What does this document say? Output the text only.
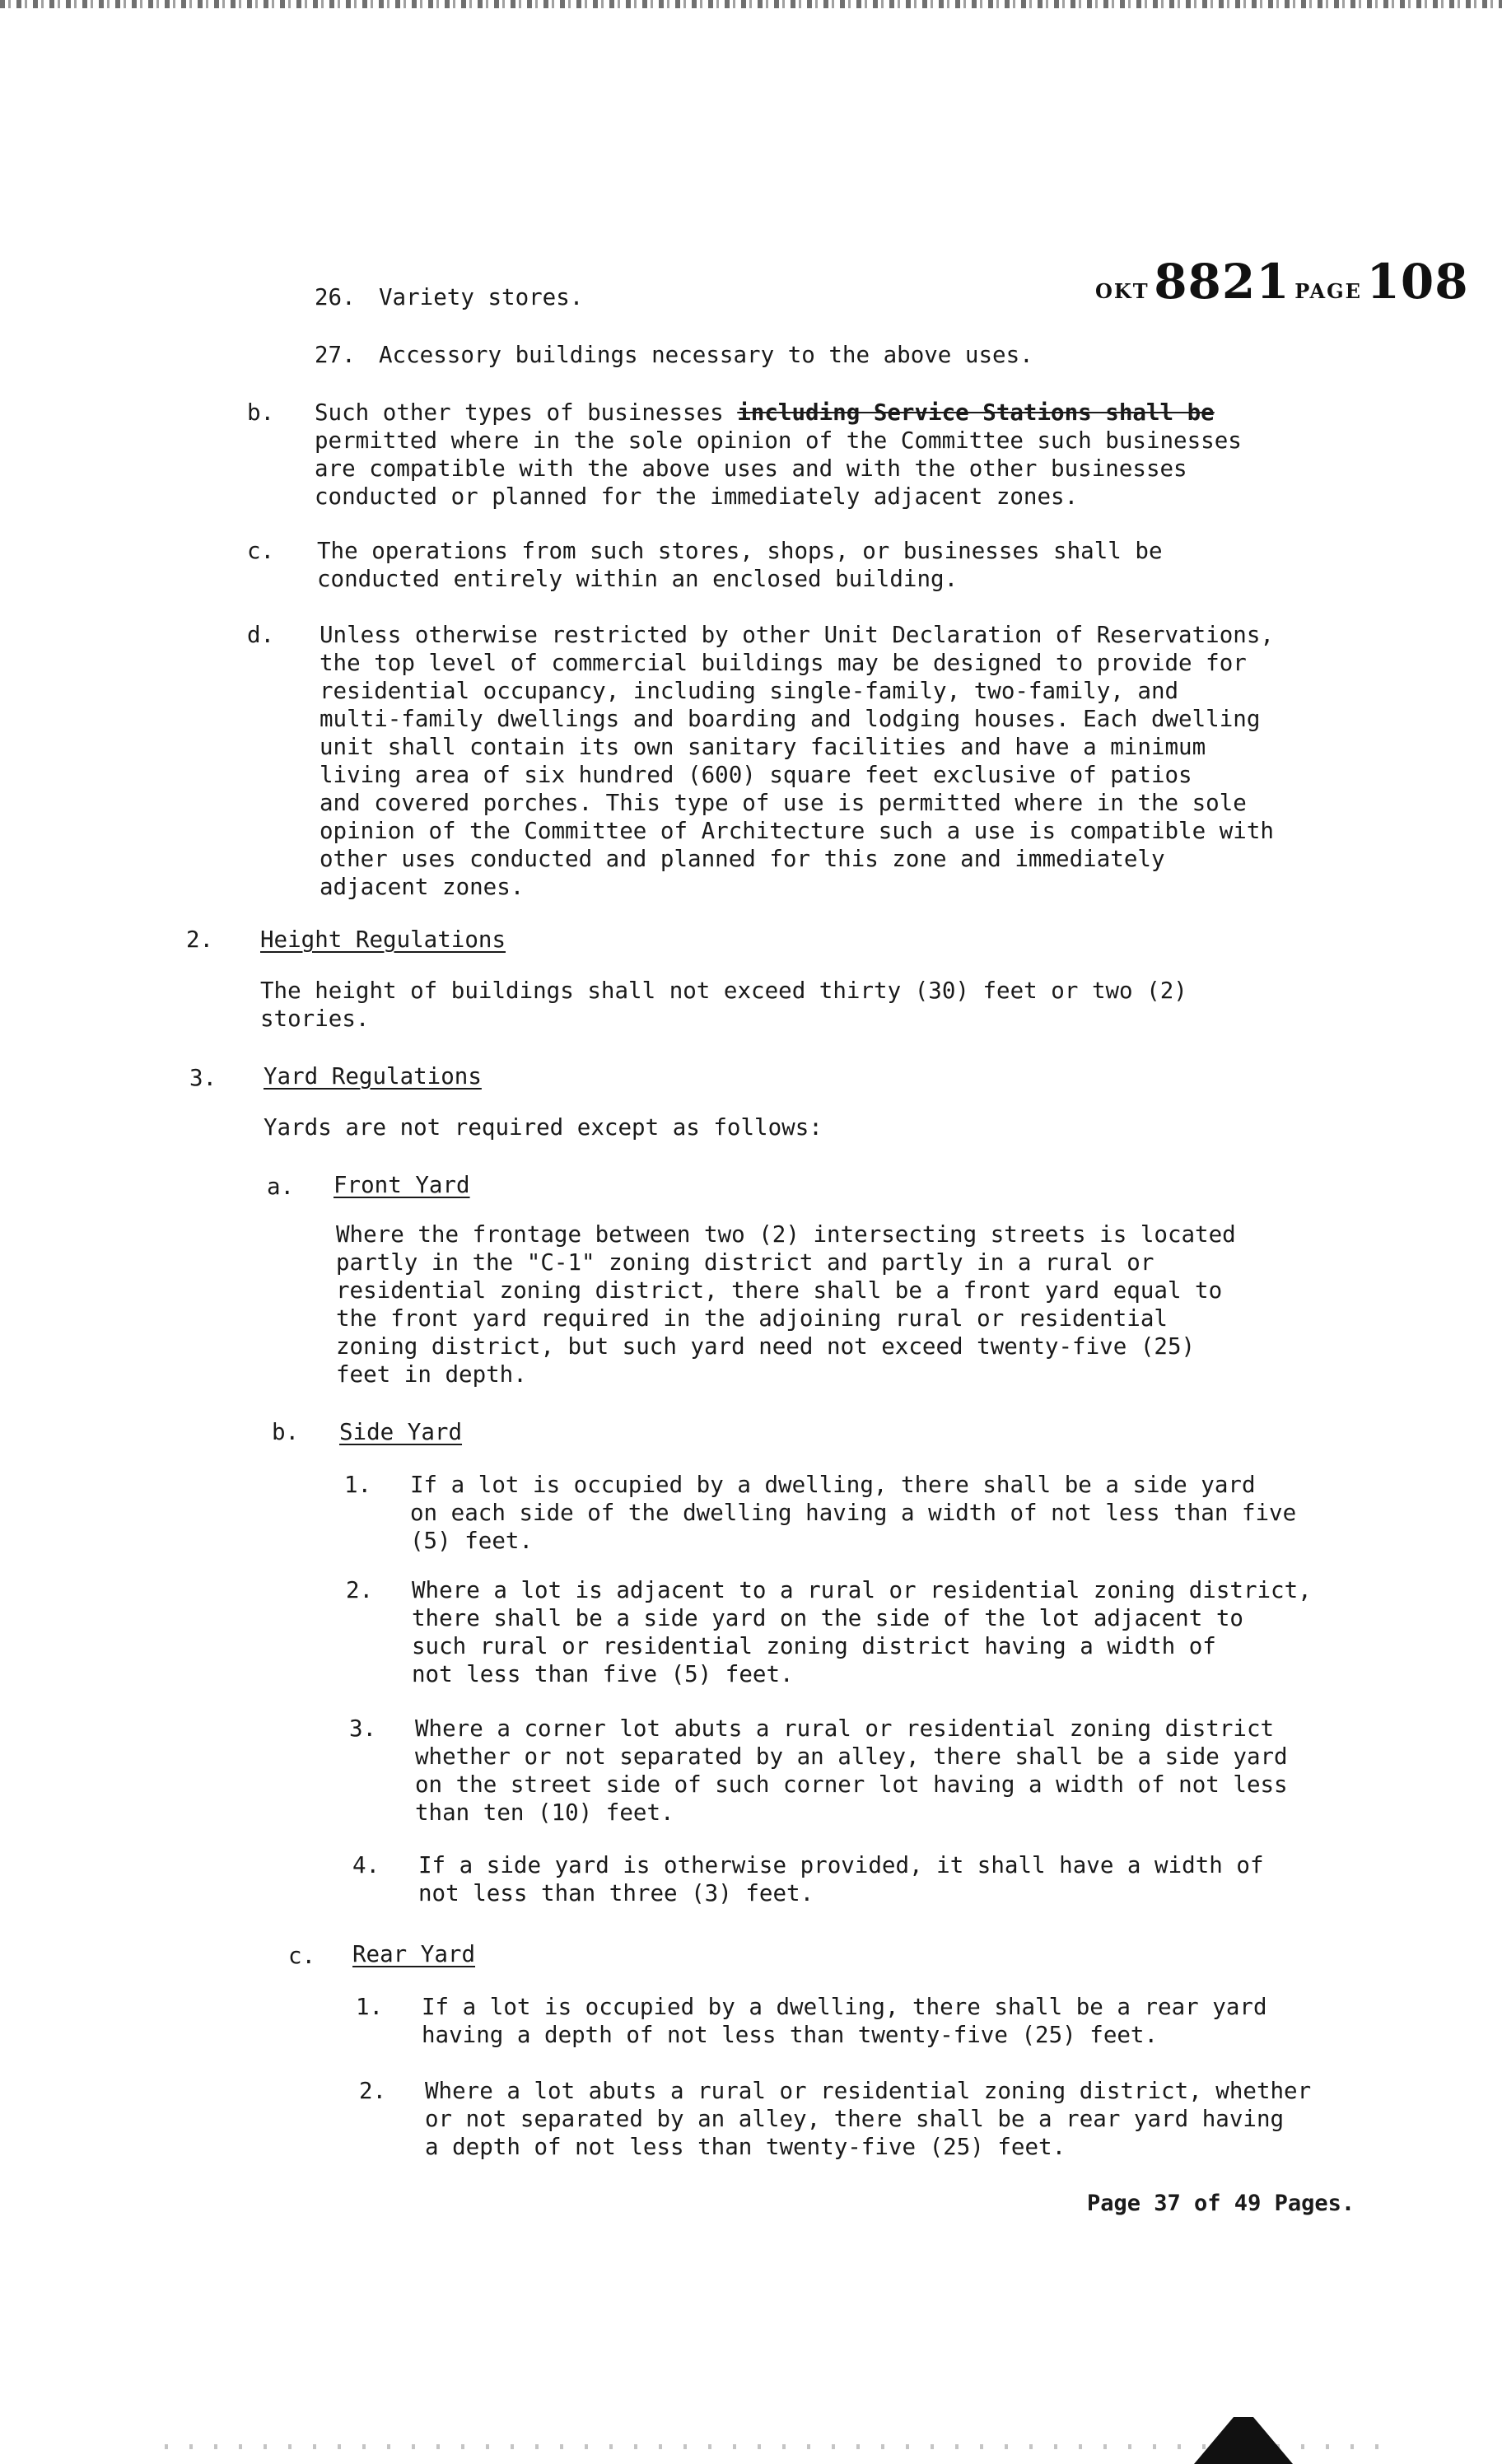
OKT 8821 PAGE 108
26. Variety stores.
27. Accessory buildings necessary to the above uses.
b. Such other types of businesses including Service Stations shall be
permitted where in the sole opinion of the Committee such businesses
are compatible with the above uses and with the other businesses
conducted or planned for the immediately adjacent zones.
c. The operations from such stores, shops, or businesses shall be
conducted entirely within an enclosed building.
d. Unless otherwise restricted by other Unit Declaration of Reservations,
the top level of commercial buildings may be designed to provide for
residential occupancy, including single-family, two-family, and
multi-family dwellings and boarding and lodging houses. Each dwelling
unit shall contain its own sanitary facilities and have a minimum
living area of six hundred (600) square feet exclusive of patios
and covered porches. This type of use is permitted where in the sole
opinion of the Committee of Architecture such a use is compatible with
other uses conducted and planned for this zone and immediately
adjacent zones.
2. Height Regulations
The height of buildings shall not exceed thirty (30) feet or two (2)
stories.
3. Yard Regulations
Yards are not required except as follows:
a. Front Yard
Where the frontage between two (2) intersecting streets is located
partly in the "C-1" zoning district and partly in a rural or
residential zoning district, there shall be a front yard equal to
the front yard required in the adjoining rural or residential
zoning district, but such yard need not exceed twenty-five (25)
feet in depth.
b. Side Yard
1. If a lot is occupied by a dwelling, there shall be a side yard
on each side of the dwelling having a width of not less than five
(5) feet.
2. Where a lot is adjacent to a rural or residential zoning district,
there shall be a side yard on the side of the lot adjacent to
such rural or residential zoning district having a width of
not less than five (5) feet.
3. Where a corner lot abuts a rural or residential zoning district
whether or not separated by an alley, there shall be a side yard
on the street side of such corner lot having a width of not less
than ten (10) feet.
4. If a side yard is otherwise provided, it shall have a width of
not less than three (3) feet.
c. Rear Yard
1. If a lot is occupied by a dwelling, there shall be a rear yard
having a depth of not less than twenty-five (25) feet.
2. Where a lot abuts a rural or residential zoning district, whether
or not separated by an alley, there shall be a rear yard having
a depth of not less than twenty-five (25) feet.
Page 37 of 49 Pages.
